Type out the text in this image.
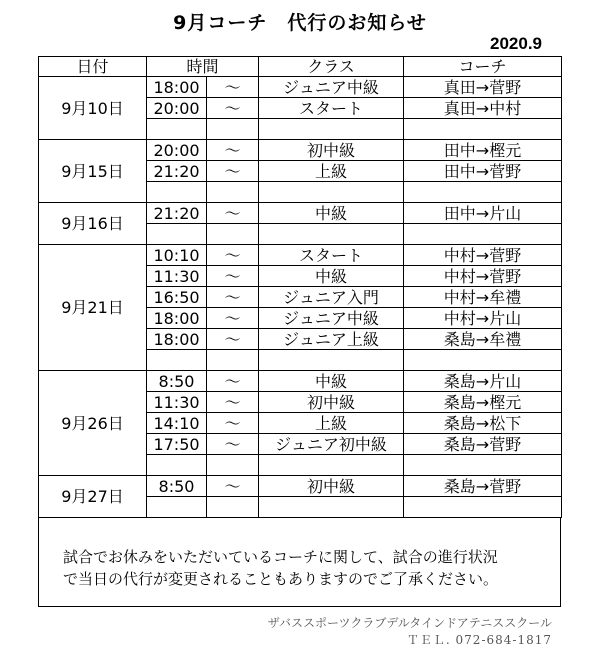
9月コーチ　代行のお知らせ
2020.9
日付	時間		クラス	コーチ
9月10日	18:00	～	ジュニア中級	真田→菅野
	20:00	～	スタート	真田→中村

9月15日	20:00	～	初中級	田中→樫元
	21:20	～	上級	田中→菅野

9月16日	21:20	～	中級	田中→片山

9月21日	10:10	～	スタート	中村→菅野
	11:30	～	中級	中村→菅野
	16:50	～	ジュニア入門	中村→牟禮
	18:00	～	ジュニア中級	中村→片山
	18:00	～	ジュニア上級	桑島→牟禮

9月26日	8:50	～	中級	桑島→片山
	11:30	～	初中級	桑島→樫元
	14:10	～	上級	桑島→松下
	17:50	～	ジュニア初中級	桑島→菅野

9月27日	8:50	～	初中級	桑島→菅野

試合でお休みをいただいているコーチに関して、試合の進行状況
で当日の代行が変更されることもありますのでご了承ください。
ザバススポーツクラブデルタインドアテニススクール
ＴＥＬ. 072-684-1817
